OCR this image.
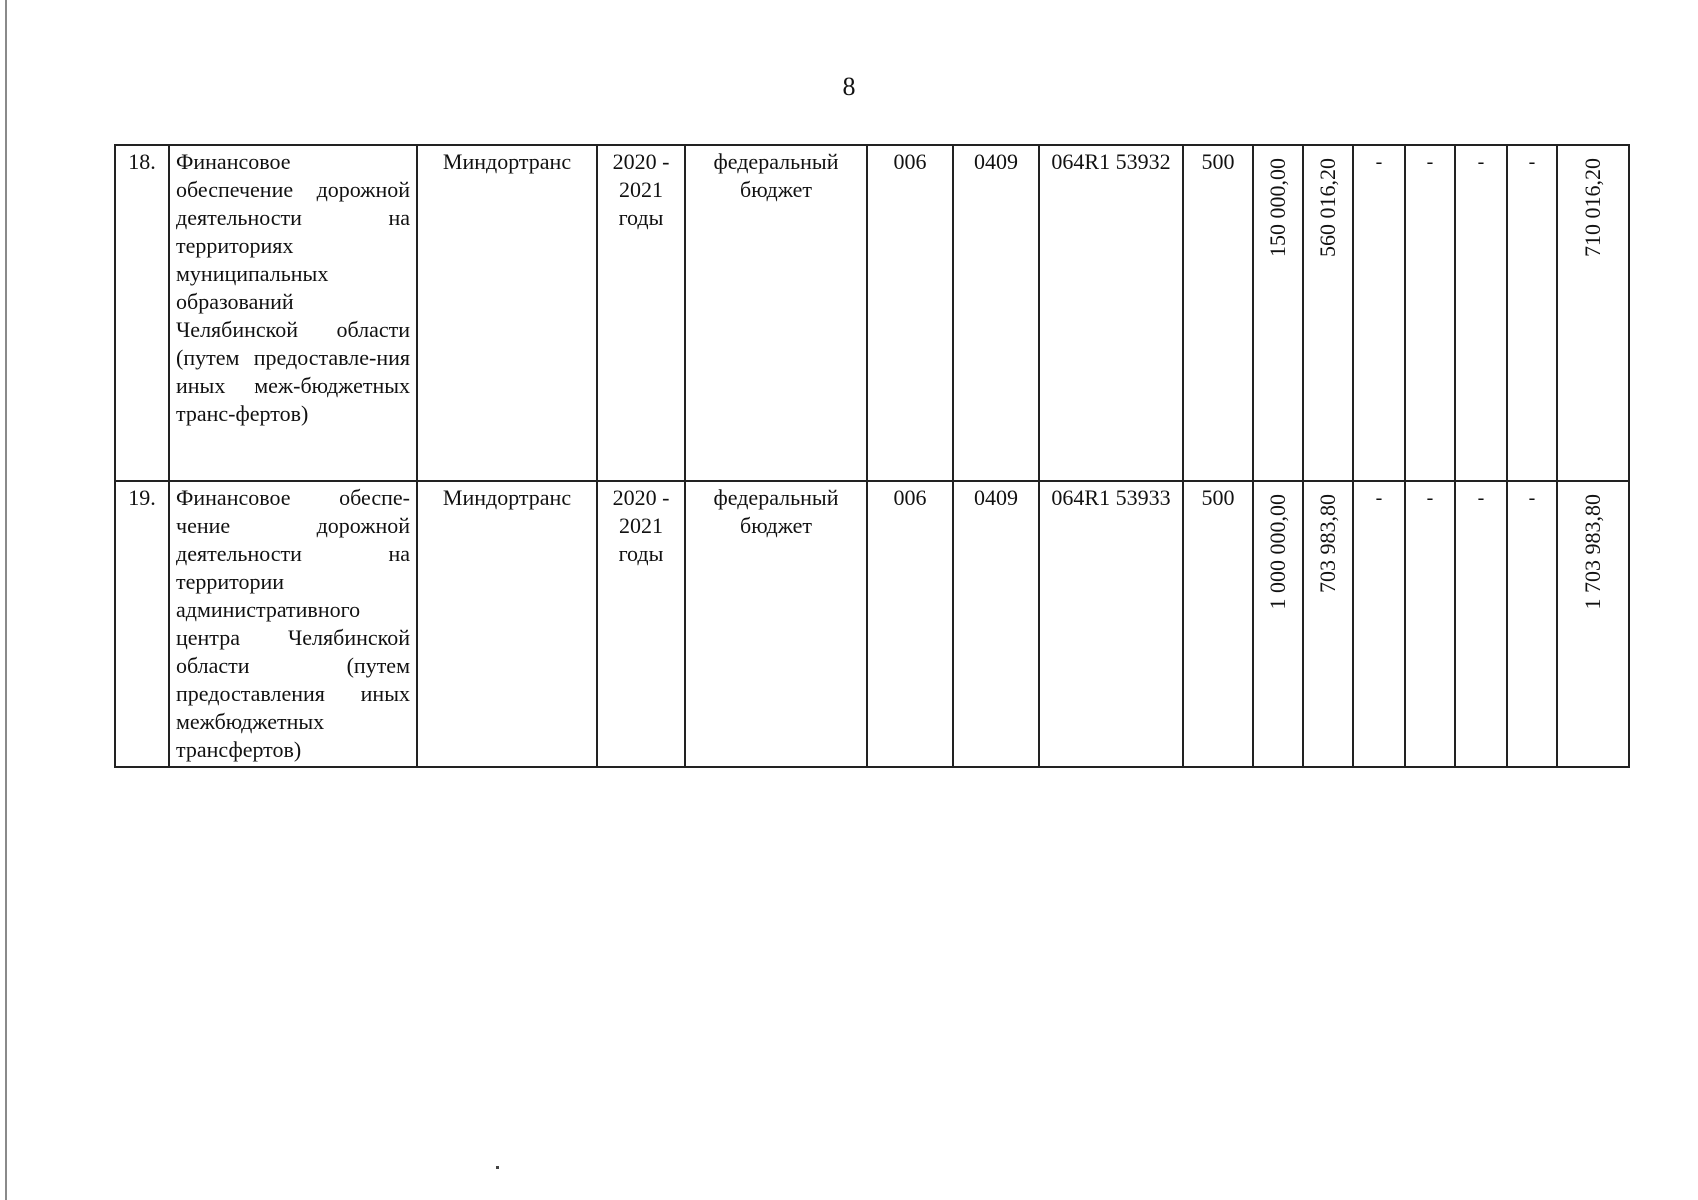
8
18.	Финансовое обеспечение дорожной деятельности на территориях муниципальных образований Челябинской области (путем предоставле-ния иных меж-бюджетных транс-фертов)	Миндортранс	2020 - 2021 годы	федеральный бюджет	006	0409	064R1 53932	500	150 000,00	560 016,20	-	-	-	-	710 016,20
19.	Финансовое обеспе-чение дорожной деятельности на территории административного центра Челябинской области (путем предоставления иных межбюджетных трансфертов)	Миндортранс	2020 - 2021 годы	федеральный бюджет	006	0409	064R1 53933	500	1 000 000,00	703 983,80	-	-	-	-	1 703 983,80
